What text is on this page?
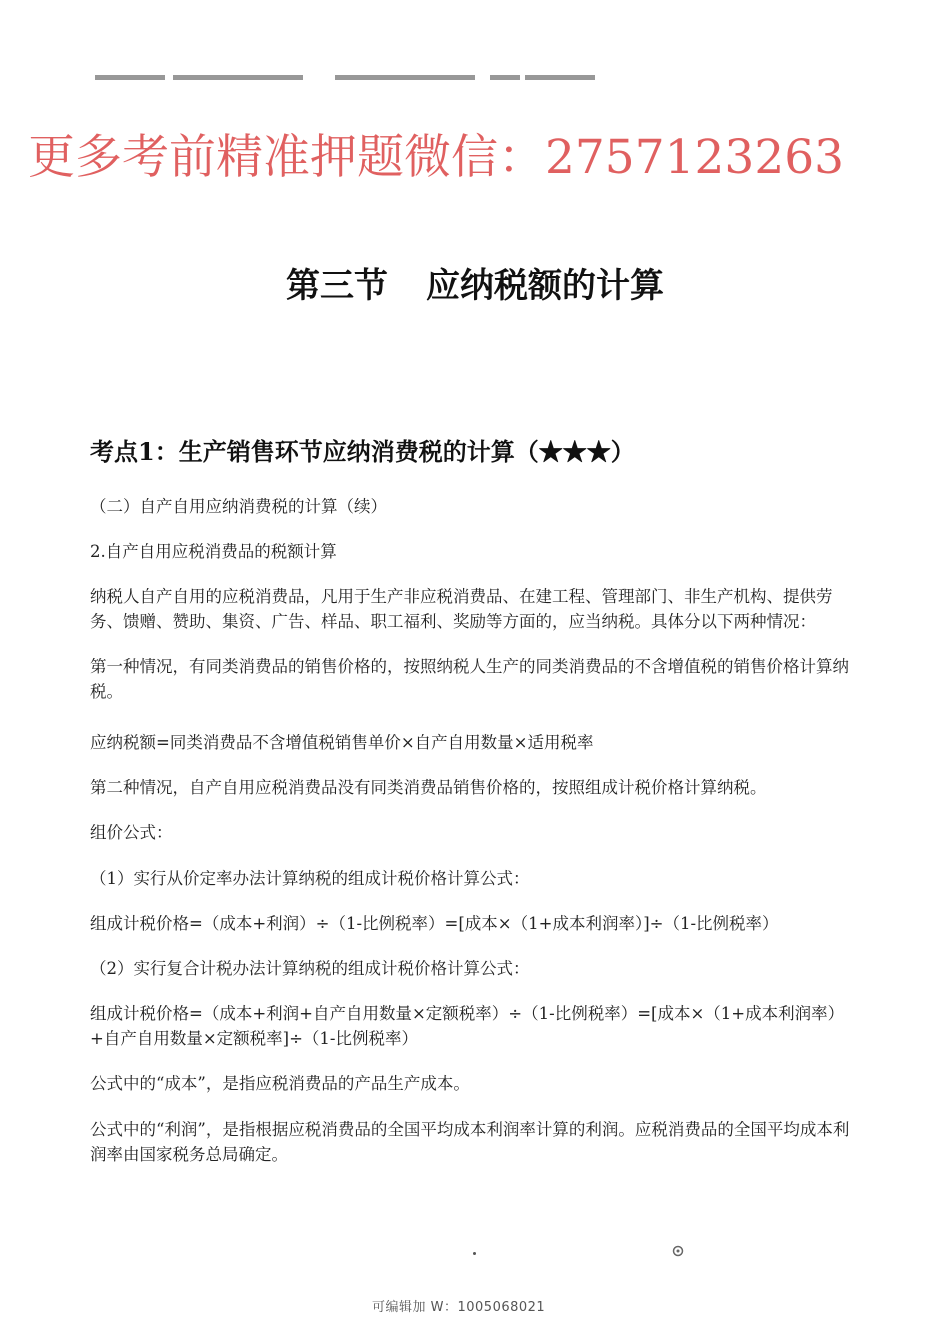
更多考前精准押题微信：2757123263
第三节 应纳税额的计算
考点1：生产销售环节应纳消费税的计算（★★★）
（二）自产自用应纳消费税的计算（续）
2.自产自用应税消费品的税额计算
纳税人自产自用的应税消费品，凡用于生产非应税消费品、在建工程、管理部门、非生产机构、提供劳务、馈赠、赞助、集资、广告、样品、职工福利、奖励等方面的，应当纳税。具体分以下两种情况：
第一种情况，有同类消费品的销售价格的，按照纳税人生产的同类消费品的不含增值税的销售价格计算纳税。
应纳税额=同类消费品不含增值税销售单价×自产自用数量×适用税率
第二种情况，自产自用应税消费品没有同类消费品销售价格的，按照组成计税价格计算纳税。
组价公式：
（1）实行从价定率办法计算纳税的组成计税价格计算公式：
组成计税价格=（成本+利润）÷（1-比例税率）=[成本×（1+成本利润率）]÷（1-比例税率）
（2）实行复合计税办法计算纳税的组成计税价格计算公式：
组成计税价格=（成本+利润+自产自用数量×定额税率）÷（1-比例税率）=[成本×（1+成本利润率）+自产自用数量×定额税率]÷（1-比例税率）
公式中的“成本”，是指应税消费品的产品生产成本。
公式中的“利润”，是指根据应税消费品的全国平均成本利润率计算的利润。应税消费品的全国平均成本利润率由国家税务总局确定。
可编辑加 W：1005068021
